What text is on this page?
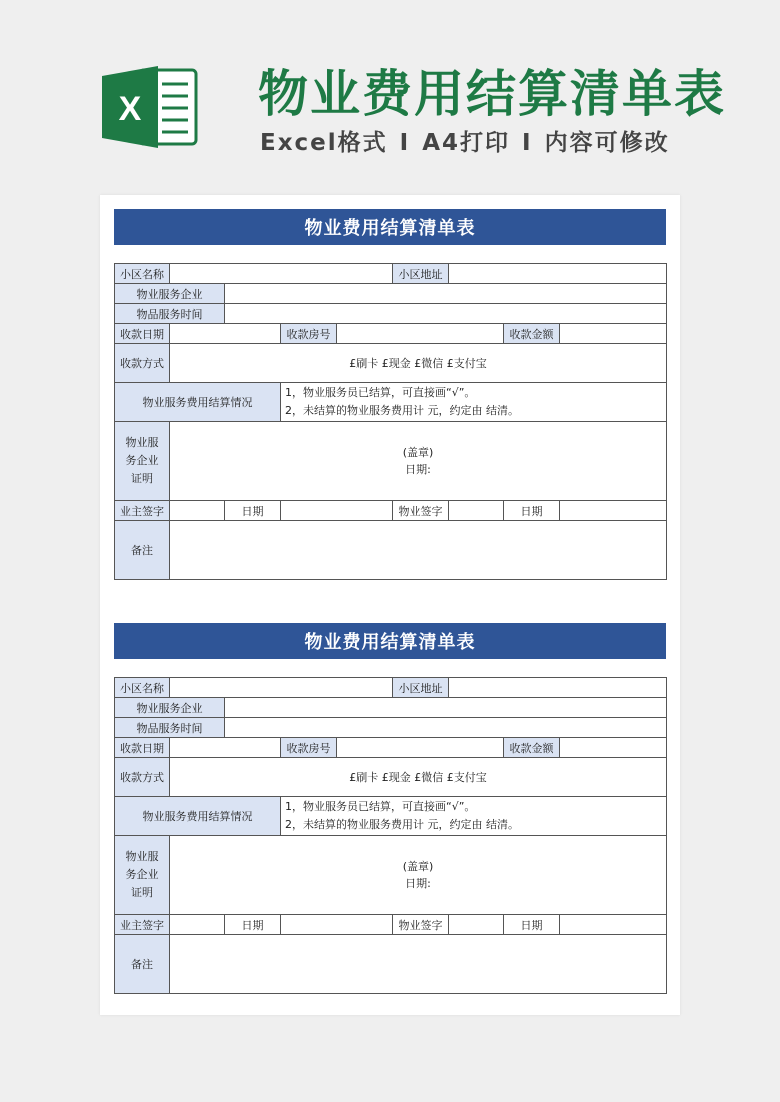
X 物业费用结算清单表
Excel格式 I A4打印 I 内容可修改
物业费用结算清单表
小区名称					小区地址			
物业服务企业								
物品服务时间								
收款日期			收款房号				收款金额	
收款方式	£刷卡 £现金 £微信 £支付宝							
物业服务费用结算情况			1，物业服务员已结算，可直接画“√”。
2，未结算的物业服务费用计 元，约定由 结清。					

物业服务企业证明	(盖章)
日期:							

业主签字		日期			物业签字		日期	
备注								
物业费用结算清单表
小区名称					小区地址			
物业服务企业								
物品服务时间								
收款日期			收款房号				收款金额	
收款方式	£刷卡 £现金 £微信 £支付宝							
物业服务费用结算情况			1，物业服务员已结算，可直接画“√”。
2，未结算的物业服务费用计 元，约定由 结清。					

物业服务企业证明	(盖章)
日期:							

业主签字		日期			物业签字		日期	
备注								
